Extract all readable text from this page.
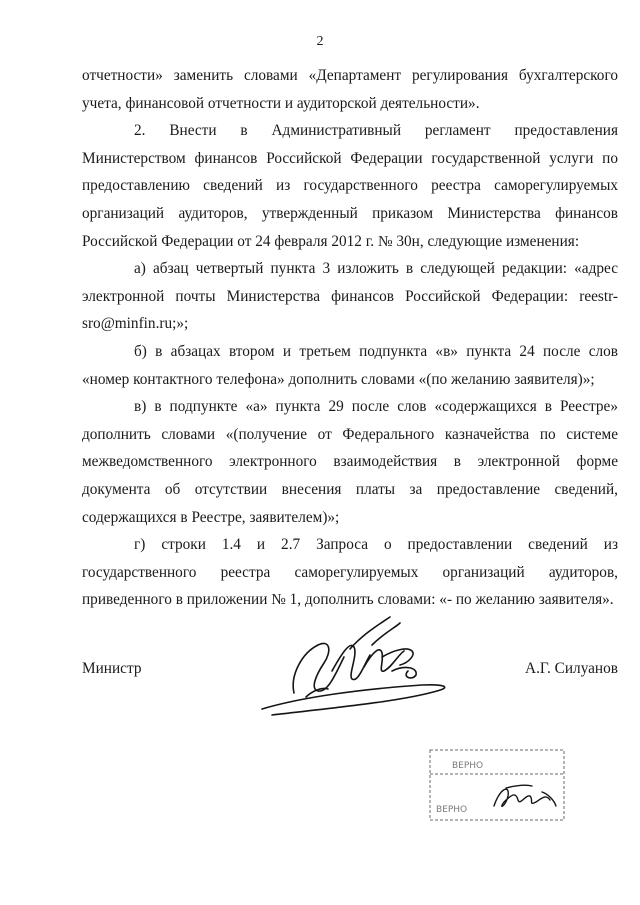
2

отчетности» заменить словами «Департамент регулирования бухгалтерского учета, финансовой отчетности и аудиторской деятельности».

2. Внести в Административный регламент предоставления Министерством финансов Российской Федерации государственной услуги по предоставлению сведений из государственного реестра саморегулируемых организаций аудиторов, утвержденный приказом Министерства финансов Российской Федерации от 24 февраля 2012 г. № 30н, следующие изменения:

а) абзац четвертый пункта 3 изложить в следующей редакции: «адрес электронной почты Министерства финансов Российской Федерации: reestr-sro@minfin.ru;»;

б) в абзацах втором и третьем подпункта «в» пункта 24 после слов «номер контактного телефона» дополнить словами «(по желанию заявителя)»;

в) в подпункте «а» пункта 29 после слов «содержащихся в Реестре» дополнить словами «(получение от Федерального казначейства по системе межведомственного электронного взаимодействия в электронной форме документа об отсутствии внесения платы за предоставление сведений, содержащихся в Реестре, заявителем)»;

г) строки 1.4 и 2.7 Запроса о предоставлении сведений из государственного реестра саморегулируемых организаций аудиторов, приведенного в приложении № 1, дополнить словами: «- по желанию заявителя».

Министр	А.Г. Силуанов
ВЕРНО
ВЕРНО
